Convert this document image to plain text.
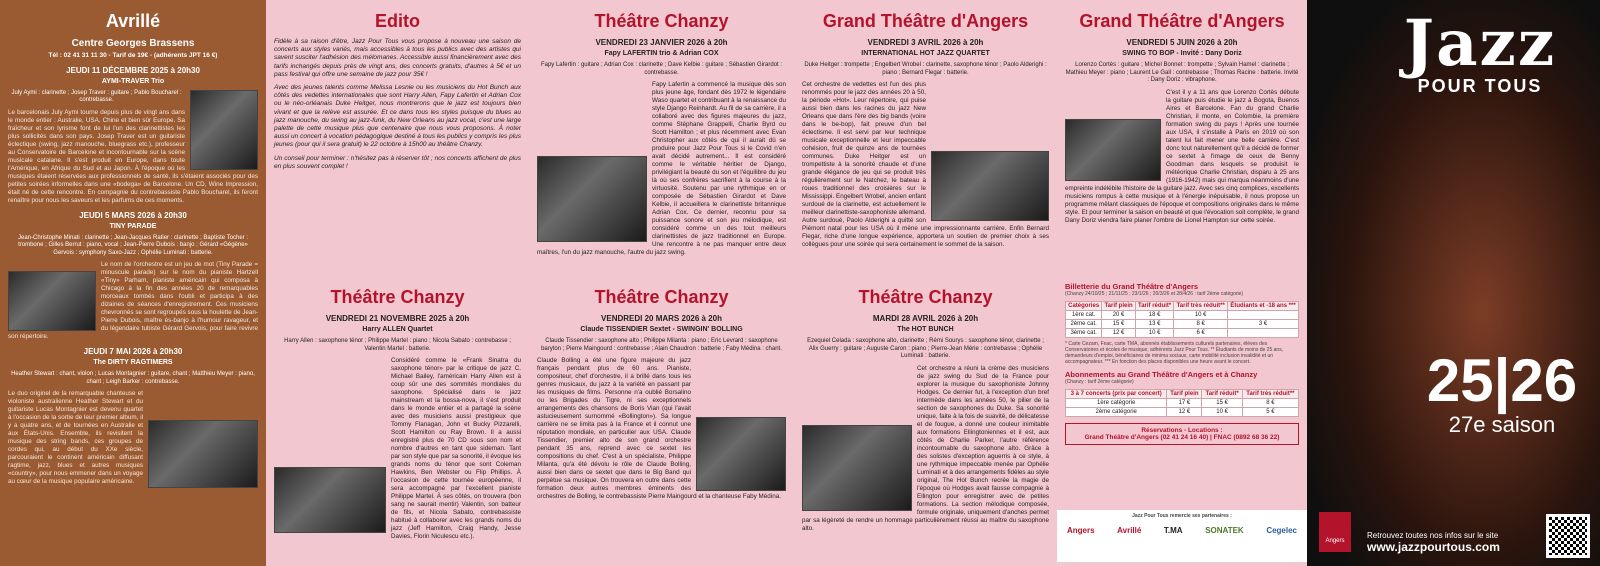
Avrillé
Centre Georges Brassens
Tél : 02 41 31 11 30 - Tarif de 19€ - (adhérents JPT 16 €)
JEUDI 11 DÉCEMBRE 2025 à 20h30
AYMI-TRAVER Trio
July Aymi : clarinette ; Josep Traver : guitare ; Pablo Boucharel : contrebasse.
Le barcelonais July Aymi tourne depuis plus de vingt ans dans le monde entier : Australie, USA, Chine et bien sûr Europe. Sa fraîcheur et son lyrisme font de lui l'un des clarinettistes les plus sollicités dans son pays. Josep Traver est un guitariste éclectique (swing, jazz manouche, bluegrass etc.), professeur au Conservatoire de Barcelone et incontournable sur la scène musicale catalane. Il s'est produit en Europe, dans toute l'Amérique, en Afrique du Sud et au Japon. À l'époque où les musiques étaient réservées aux professionnels de santé, ils s'étaient associés pour des petites soirées informelles dans une «bodega» de Barcelone. Un CD, Wine Impression, était né de cette rencontre. En compagnie du contrebassiste Pablo Boucharel, ils feront renaître pour nous les saveurs et les parfums de ces moments.
JEUDI 5 MARS 2026 à 20h30
TINY PARADE
Jean-Christophe Minati : clarinette ; Jean-Jacques Ratier : clarinette ; Baptiste Tocher : trombone ; Gilles Berrut : piano, vocal ; Jean-Pierre Dubois : banjo ; Gérard «Gégène» Gervois : symphony Saxo-Jazz ; Ophélie Luminati : batterie.
Le nom de l'orchestre est un jeu de mot (Tiny Parade = minuscule parade) sur le nom du pianiste Hartzell «Tiny» Parham, pianiste américain qui composa à Chicago à la fin des années 20 de remarquables morceaux tombés dans l'oubli et participa à des dizaines de séances d'enregistrement. Ces musiciens chevronnés se sont regroupés sous la houlette de Jean-Pierre Dubois, maître ès-banjo à l'humour ravageur, et du légendaire tubiste Gérard Gervois, pour faire revivre son répertoire.
JEUDI 7 MAI 2026 à 20h30
The DIRTY RAGTIMERS
Heather Stewart : chant, violon ; Lucas Montagnier : guitare, chant ; Matthieu Meyer : piano, chant ; Leigh Barker : contrebasse.
Le duo originel de la remarquable chanteuse et violoniste australienne Heather Stewart et du guitariste Lucas Montagnier est devenu quartet à l'occasion de la sortie de leur premier album, il y a quatre ans, et de tournées en Australie et aux États-Unis. Ensemble, ils revisitent la musique des string bands, ces groupes de cordes qui, au début du XXe siècle, parcouraient le continent américain diffusant ragtime, jazz, blues et autres musiques «country», pour nous emmener dans un voyage au cœur de la musique populaire américaine.
Edito

Fidèle à sa raison d'être, Jazz Pour Tous vous propose à nouveau une saison de concerts aux styles variés, mais accessibles à tous les publics avec des artistes qui savent susciter l'adhésion des mélomanes. Accessible aussi financièrement avec des tarifs inchangés depuis près de vingt ans, des concerts gratuits, d'autres à 5€ et un pass festival qui offre une semaine de jazz pour 35€ !

Avec des jeunes talents comme Melissa Lesnie ou les musiciens du Hot Bunch aux côtés des vedettes internationales que sont Harry Allen, Fapy Lafertin et Adrian Cox ou le néo-orléanais Duke Heitger, nous montrerons que le jazz est toujours bien vivant et que la relève est assurée. Et ce dans tous les styles puisque du blues au jazz manouche, du swing au jazz-funk, du New Orleans au jazz vocal, c'est une large palette de cette musique plus que centenaire que nous vous proposons. À noter aussi un concert à vocation pédagogique destiné à tous les publics y compris les plus jeunes (pour qui il sera gratuit) le 22 octobre à 15h00 au théâtre Chanzy.

Un conseil pour terminer : n'hésitez pas à réserver tôt ; nos concerts affichent de plus en plus souvent complet !

Théâtre Chanzy
VENDREDI 21 NOVEMBRE 2025 à 20h
Harry ALLEN Quartet
Harry Allen : saxophone ténor ; Philippe Martel : piano ; Nicola Sabato : contrebasse ; Valentin Martel : batterie.
Considéré comme le «Frank Sinatra du saxophone ténor» par le critique de jazz C. Michael Bailey, l'américain Harry Allen est à coup sûr une des sommités mondiales du saxophone. Spécialisé dans le jazz mainstream et la bossa-nova, il s'est produit dans le monde entier et a partagé la scène avec des musiciens aussi prestigieux que Tommy Flanagan, John et Bucky Pizzarelli, Scott Hamilton ou Ray Brown. Il a aussi enregistré plus de 70 CD sous son nom et nombre d'autres en tant que sideman. Tant par son style que par sa sonorité, il évoque les grands noms du ténor que sont Coleman Hawkins, Ben Webster ou Flip Phillips. À l'occasion de cette tournée européenne, il sera accompagné par l'excellent pianiste Philippe Martel. À ses côtés, on trouvera (bon sang ne saurait mentir) Valentin, son batteur de fils, et Nicola Sabato, contrebassiste habitué à collaborer avec les grands noms du jazz (Jeff Hamilton, Craig Handy, Jesse Davies, Florin Niculescu etc.).
Théâtre Chanzy
VENDREDI 23 JANVIER 2026 à 20h
Fapy LAFERTIN trio & Adrian COX
Fapy Lafertin : guitare ; Adrian Cox : clarinette ; Dave Kelbie : guitare ; Sébastien Girardot : contrebasse.
Fapy Lafertin a commencé la musique dès son plus jeune âge, fondant dès 1972 le légendaire Waso quartet et contribuant à la renaissance du style Django Reinhardt. Au fil de sa carrière, il a collaboré avec des figures majeures du jazz, comme Stéphane Grappelli, Charlie Byrd ou Scott Hamilton ; et plus récemment avec Evan Christopher aux côtés de qui il aurait dû se produire pour Jazz Pour Tous si le Covid n'en avait décidé autrement... Il est considéré comme le véritable héritier de Django, privilégiant la beauté du son et l'équilibre du jeu là où ses confrères sacrifient à la course à la virtuosité. Soutenu par une rythmique en or composée de Sébastien Girardot et Dave Kelbie, il accueillera le clarinettiste britannique Adrian Cox. Ce dernier, reconnu pour sa puissance sonore et son jeu mélodique, est considéré comme un des tout meilleurs clarinettistes de jazz traditionnel en Europe. Une rencontre à ne pas manquer entre deux maîtres, l'un du jazz manouche, l'autre du jazz swing.
Théâtre Chanzy
VENDREDI 20 MARS 2026 à 20h
Claude TISSENDIER Sextet - SWINGIN' BOLLING
Claude Tissendier : saxophone alto ; Philippe Milanta : piano ; Eric Levrard : saxophone baryton ; Pierre Maingourd : contrebasse ; Alain Chaudron : batterie ; Faby Médina : chant.
Claude Bolling a été une figure majeure du jazz français pendant plus de 60 ans. Pianiste, compositeur, chef d'orchestre, il a brillé dans tous les genres musicaux, du jazz à la variété en passant par les musiques de films. Personne n'a oublié Borsalino ou les Brigades du Tigre, ni ses exceptionnels arrangements des chansons de Boris Vian (qui l'avait astucieusement surnommé «Bollington»). Sa longue carrière ne se limita pas à la France et il connut une réputation mondiale, en particulier aux USA. Claude Tissendier, premier alto de son grand orchestre pendant 35 ans, reprend avec ce sextet les compositions du chef. C'est à un spécialiste, Philippe Milanta, qu'a été dévolu le rôle de Claude Bolling, aussi bien dans ce sextet que dans le Big Band qui perpétue sa musique. On trouvera en outre dans cette formation deux autres membres éminents des orchestres de Bolling, le contrebassiste Pierre Maingourd et la chanteuse Faby Médina.
Grand Théâtre d'Angers
VENDREDI 3 AVRIL 2026 à 20h
INTERNATIONAL HOT JAZZ QUARTET
Duke Heitger : trompette ; Engelbert Wrobel : clarinette, saxophone ténor ; Paolo Alderighi : piano ; Bernard Flegar : batterie.
Cet orchestre de vedettes est l'un des plus renommés pour le jazz des années 20 à 50, la période «Hot». Leur répertoire, qui puise aussi bien dans les racines du jazz New Orleans que dans l'ère des big bands (voire dans le be-bop), fait preuve d'un bel éclectisme. Il est servi par leur technique musicale exceptionnelle et leur impeccable cohésion, fruit de quinze ans de tournées communes. Duke Heitger est un trompettiste à la sonorité chaude et d'une grande élégance de jeu qui se produit très régulièrement sur le Natchez, le bateau à roues traditionnel des croisières sur le Mississippi. Engelbert Wrobel, ancien enfant surdoué de la clarinette, est actuellement le meilleur clarinettiste-saxophoniste allemand. Autre surdoué, Paolo Alderighi a quitté son Piémont natal pour les USA où il mène une impressionnante carrière. Enfin Bernard Flegar, riche d'une longue expérience, apportera un soutien de premier choix à ses collègues pour une soirée qui sera certainement le sommet de la saison.
Théâtre Chanzy
MARDI 28 AVRIL 2026 à 20h
The HOT BUNCH
Ezequiel Celada : saxophone alto, clarinette ; Rémi Sourys : saxophone ténor, clarinette ; Alix Guerry : guitare ; Auguste Caron : piano ; Pierre-Jean Mérie : contrebasse ; Ophélie Luminati : batterie.
Cet orchestre a réuni la crème des musiciens de jazz swing du Sud de la France pour explorer la musique du saxophoniste Johnny Hodges. Ce dernier fut, à l'exception d'un bref intermède dans les années 50, le pilier de la section de saxophones du Duke. Sa sonorité unique, faite à la fois de suavité, de délicatesse et de fougue, a donné une couleur inimitable aux formations Ellingtoniennes et il est, aux côtés de Charlie Parker, l'autre référence incontournable du saxophone alto. Grâce à des solistes d'exception aguerris à ce style, à une rythmique impeccable menée par Ophélie Luminati et à des arrangements fidèles au style original, The Hot Bunch recrée la magie de l'époque où Hodges avait fausse compagnie à Ellington pour enregistrer avec de petites formations. La section mélodique composée, formule originale, uniquement d'anches permet par sa légèreté de rendre un hommage particulièrement réussi au maître du saxophone alto.
Grand Théâtre d'Angers
VENDREDI 5 JUIN 2026 à 20h
SWING TO BOP - Invité : Dany Doriz
Lorenzo Cortès : guitare ; Michel Bonnet : trompette ; Sylvain Hamel : clarinette ; Mathieu Meyer : piano ; Laurent Le Gall : contrebasse ; Thomas Racine : batterie. Invité : Dany Doriz : vibraphone.
C'est il y a 11 ans que Lorenzo Cortès débute la guitare puis étudie le jazz à Bogota, Buenos Aires et Barcelone. Fan du grand Charlie Christian, il monte, en Colombie, la première formation swing du pays ! Après une tournée aux USA, il s'installe à Paris en 2019 où son talent lui fait mener une belle carrière. C'est donc tout naturellement qu'il a décidé de former ce sextet à l'image de ceux de Benny Goodman dans lesquels se produisit le météorique Charlie Christian, disparu à 25 ans (1916-1942) mais qui marqua néanmoins d'une empreinte indélébile l'histoire de la guitare jazz. Avec ses cinq complices, excellents musiciens rompus à cette musique et à l'énergie inépuisable, il nous propose un programme mêlant classiques de l'époque et compositions originales dans le même style. Et pour terminer la saison en beauté et que l'évocation soit complète, le grand Dany Doriz viendra faire planer l'ombre de Lionel Hampton sur cette soirée.
Billetterie du Grand Théâtre d'Angers
(Chanzy 24/10/25 ; 21/11/25 ; 23/1/26 ; 20/3/26 et 28/4/26 : tarif 2ème catégorie)
Catégories	Tarif plein	Tarif réduit*	Tarif très réduit**	Étudiants et -18 ans ***
1ère cat.	20 €	18 €	10 €	
2ème cat.	15 €	13 €	8 €	3 €
3ème cat.	12 €	10 €	6 €	
* Carte Cezam, Fnac, carte TMA, abonnés établissements culturels partenaires, élèves des Conservatoires et écoles de musique, adhérents Jazz Pour Tous. ** Étudiants de moins de 25 ans, demandeurs d'emploi, bénéficiaires de minima sociaux, carte mobilité inclusion invalidité et un accompagnateur. *** En fonction des places disponibles une heure avant le concert.
Abonnements au Grand Théâtre d'Angers et à Chanzy
(Chanzy : tarif 2ème catégorie)
3 à 7 concerts (prix par concert)	Tarif plein	Tarif réduit*	Tarif très réduit**
1ère catégorie	17 €	15 €	8 €
2ème catégorie	12 €	10 €	5 €
Réservations - Locations :
Grand Théâtre d'Angers (02 41 24 16 40) | FNAC (0892 68 36 22)
Jazz Pour Tous remercie ses partenaires :
Angers	Avrillé	T.MA	SONATEK	Cegelec
Jazz
POUR TOUS
25|26
27e saison
Angers
Retrouvez toutes nos infos sur le site
www.jazzpourtous.com
